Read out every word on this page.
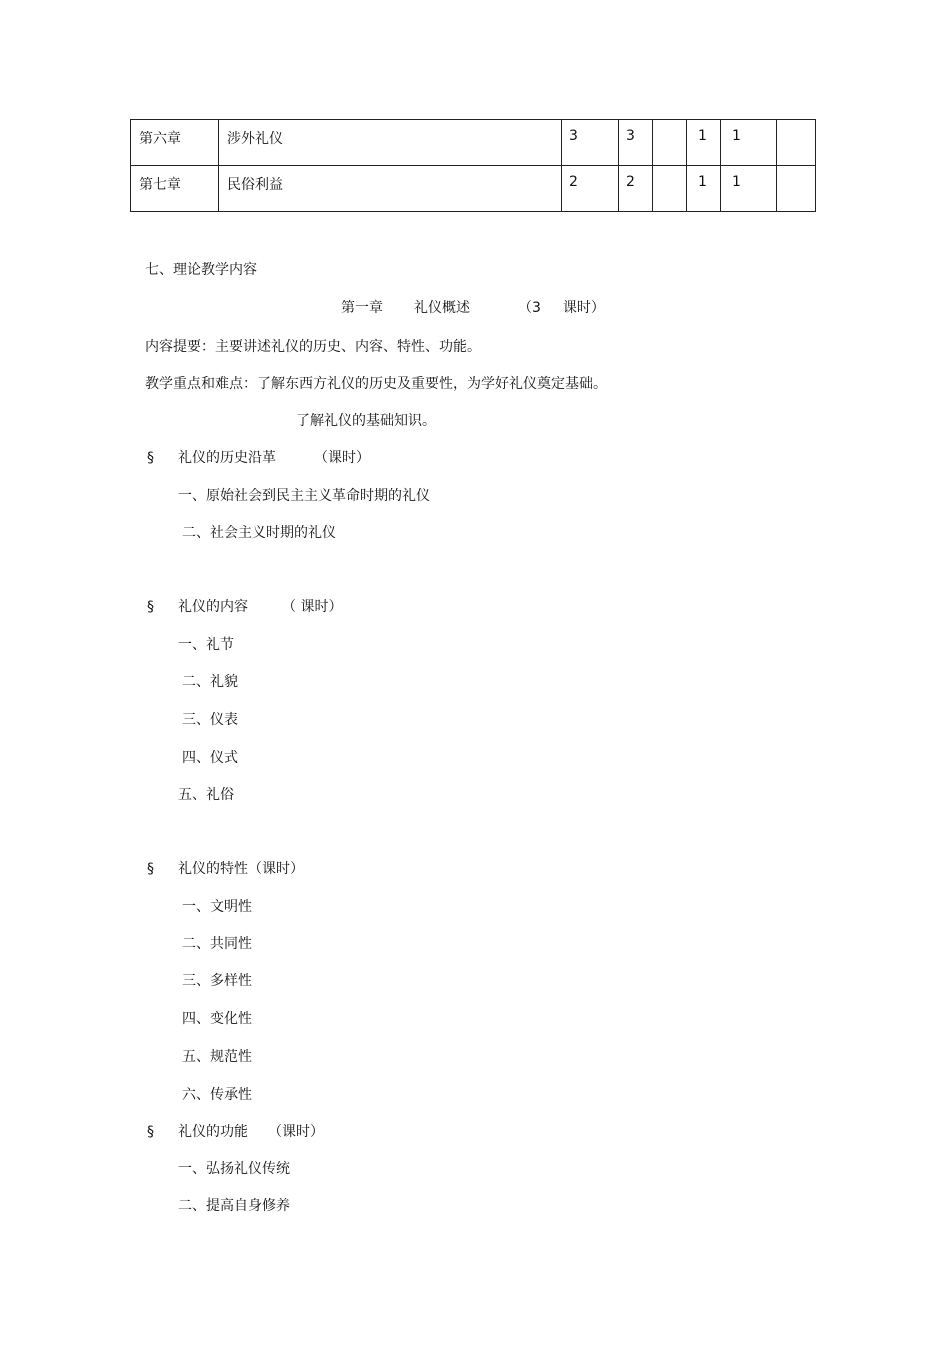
第六章	涉外礼仪	3	3		1	1	
第七章	民俗利益	2	2		1	1	
七、理论教学内容
第一章 礼仪概述	（3 课时）
内容提要：主要讲述礼仪的历史、内容、特性、功能。
教学重点和难点：了解东西方礼仪的历史及重要性，为学好礼仪奠定基础。
了解礼仪的基础知识。
§ 礼仪的历史沿革	（课时）
一、原始社会到民主主义革命时期的礼仪
二、社会主义时期的礼仪
§ 礼仪的内容 （ 课时）
一、礼节
二、礼貌
三、仪表
四、仪式
五、礼俗
§ 礼仪的特性（课时）
一、文明性
二、共同性
三、多样性
四、变化性
五、规范性
六、传承性
§ 礼仪的功能 （课时）
一、弘扬礼仪传统
二、提高自身修养
